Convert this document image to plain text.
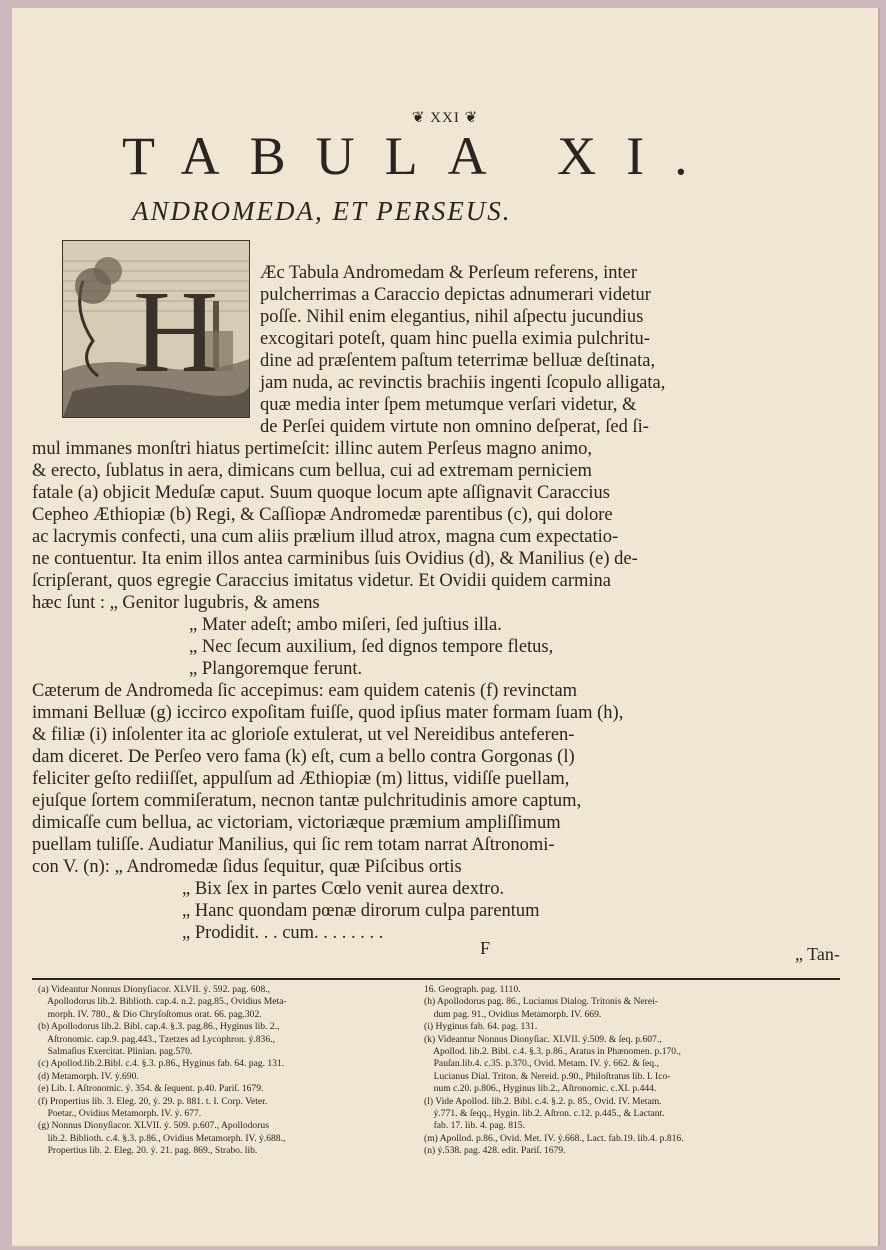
❦ XXI ❦
TABULA XI.
ANDROMEDA, ET PERSEUS.
H Æc Tabula Andromedam & Perſeum referens, inter
pulcherrimas a Caraccio depictas adnumerari videtur
poſſe. Nihil enim elegantius, nihil aſpectu jucundius
excogitari poteſt, quam hinc puella eximia pulchritu-
dine ad præſentem paſtum teterrimæ belluæ deſtinata,
jam nuda, ac revinctis brachiis ingenti ſcopulo alligata,
quæ media inter ſpem metumque verſari videtur, &
de Perſei quidem virtute non omnino deſperat, ſed ſi-
mul immanes monſtri hiatus pertimeſcit: illinc autem Perſeus magno animo,
& erecto, ſublatus in aera, dimicans cum bellua, cui ad extremam perniciem
fatale (a) objicit Meduſæ caput. Suum quoque locum apte aſſignavit Caraccius
Cepheo Æthiopiæ (b) Regi, & Caſſiopæ Andromedæ parentibus (c), qui dolore
ac lacrymis confecti, una cum aliis prælium illud atrox, magna cum expectatio-
ne contuentur. Ita enim illos antea carminibus ſuis Ovidius (d), & Manilius (e) de-
ſcripſerant, quos egregie Caraccius imitatus videtur. Et Ovidii quidem carmina
hæc ſunt : „ Genitor lugubris, & amens
„ Mater adeſt; ambo miſeri, ſed juſtius illa.
„ Nec ſecum auxilium, ſed dignos tempore fletus,
„ Plangoremque ferunt.
Cæterum de Andromeda ſic accepimus: eam quidem catenis (f) revinctam
immani Belluæ (g) iccirco expoſitam fuiſſe, quod ipſius mater formam ſuam (h),
& filiæ (i) inſolenter ita ac glorioſe extulerat, ut vel Nereidibus anteferen-
dam diceret. De Perſeo vero fama (k) eſt, cum a bello contra Gorgonas (l)
feliciter geſto rediiſſet, appulſum ad Æthiopiæ (m) littus, vidiſſe puellam,
ejuſque ſortem commiſeratum, necnon tantæ pulchritudinis amore captum,
dimicaſſe cum bellua, ac victoriam, victoriæque præmium ampliſſimum
puellam tuliſſe. Audiatur Manilius, qui ſic rem totam narrat Aſtronomi-
con V. (n): „ Andromedæ ſidus ſequitur, quæ Piſcibus ortis
„ Bix ſex in partes Cœlo venit aurea dextro.
„ Hanc quondam pœnæ dirorum culpa parentum
„ Prodidit. . . cum. . . . . . . .
F	„ Tan-
(a) Videantur Nonnus Dionyſiacor. XLVII. ỷ. 592. pag. 608.,
Apollodorus lib.2. Biblioth. cap.4. n.2. pag.85., Ovidius Meta-
morph. IV. 780., & Dio Chryſoſtomus orat. 66. pag.302.
(b) Apollodorus lib.2. Bibl. cap.4. §.3. pag.86., Hyginus lib. 2.,
Aſtronomic. cap.9. pag.443., Tzetzes ad Lycophron. ỷ.836.,
Salmaſius Exercitat. Plinian. pag.570.
(c) Apollod.lib.2.Bibl. c.4. §.3. p.86., Hyginus fab. 64. pag. 131.
(d) Metamorph. IV. ỷ.690.
(e) Lib. I. Aſtronomic. ỷ. 354. & ſequent. p.40. Pariſ. 1679.
(f) Propertius lib. 3. Eleg. 20, ỷ. 29. p. 881. t. I. Corp. Veter.
Poetar., Ovidius Metamorph. IV. ỷ. 677.
(g) Nonnus Dionyſiacor. XLVII. ỷ. 509. p.607., Apollodorus
lib.2. Biblioth. c.4. §.3. p.86., Ovidius Metamorph. IV. ỷ.688.,
Propertius lib. 2. Eleg. 20. ỷ. 21. pag. 869., Strabo. lib.
16. Geograph. pag. 1110.
(h) Apollodorus pag. 86., Lucianus Dialog. Tritonis & Nerei-
dum pag. 91., Ovidius Metamorph. IV. 669.
(i) Hyginus fab. 64. pag. 131.
(k) Videantur Nonnus Dionyſiac. XLVII. ỷ.509. & ſeq. p.607.,
Apollod. lib.2. Bibl. c.4. §.3. p.86., Aratus in Phænomen. p.170.,
Pauſan.lib.4. c.35. p.370., Ovid. Metam. IV. ỷ. 662. & ſeq.,
Lucianus Dial. Triton. & Nereid. p.90., Philoſtratus lib. I. Ico-
num c.20. p.806., Hyginus lib.2., Aſtronomic. c.XI. p.444.
(l) Vide Apollod. lib.2. Bibl. c.4. §.2. p. 85., Ovid. IV. Metam.
ỷ.771. & ſeqq., Hygin. lib.2. Aſtron. c.12. p.445., & Lactant.
fab. 17. lib. 4. pag. 815.
(m) Apollod. p.86., Ovid. Met. IV. ỷ.668., Lact. fab.19. lib.4. p.816.
(n) ỷ.538. pag. 428. edit. Pariſ. 1679.
